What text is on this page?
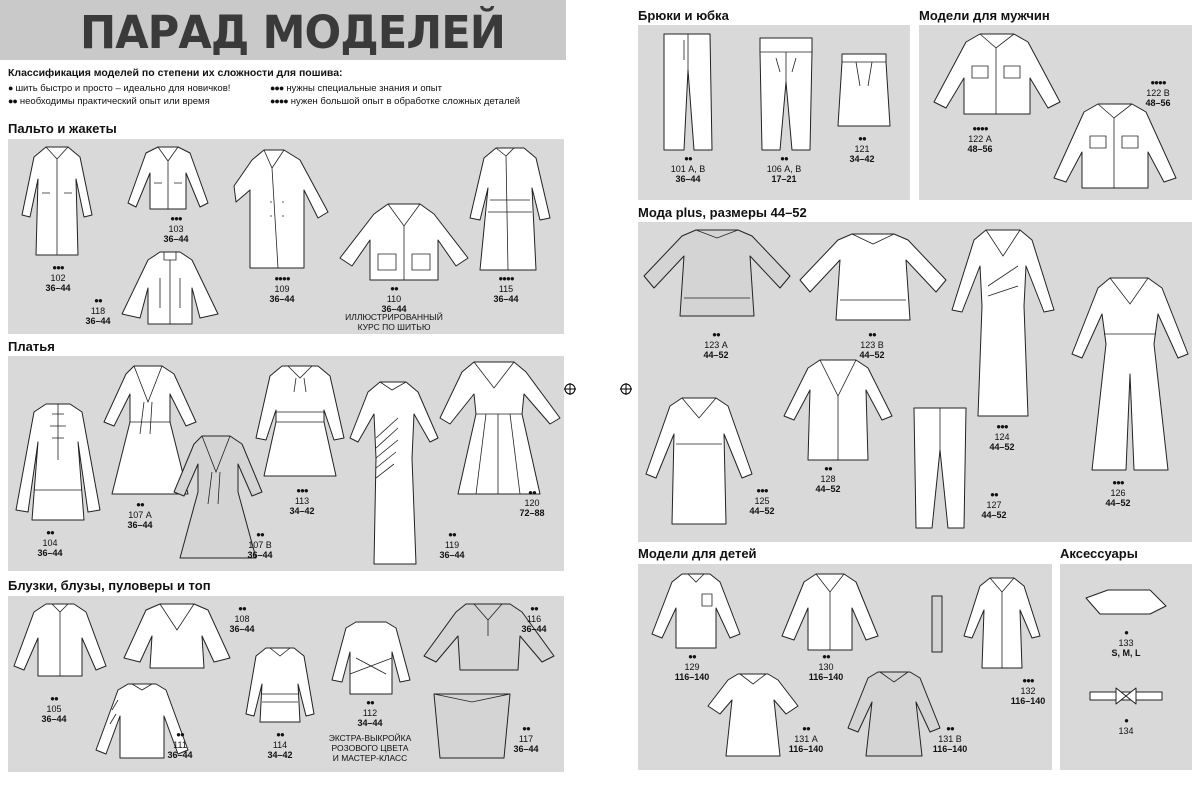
ПАРАД МОДЕЛЕЙ
Классификация моделей по степени их сложности для пошива:
● шить быстро и просто – идеально для новичков!
●● необходимы практический опыт или время
●●● нужны специальные знания и опыт
●●●● нужен большой опыт в обработке сложных деталей
Пальто и жакеты
●●●
102
36–44
●●●
103
36–44
●●
118
36–44
●●●●
109
36–44
●●
110
36–44
ИЛЛЮСТРИРОВАННЫЙ
КУРС ПО ШИТЬЮ
●●●●
115
36–44
Платья
●●
104
36–44
●●
107 А
36–44
●●
107 В
36–44
●●●
113
34–42
●●
119
36–44
●●
120
72–88
Блузки, блузы, пуловеры и топ
●●
105
36–44
●●
108
36–44
●●
111
36–44
●●
114
34–42
●●
112
34–44
ЭКСТРА-ВЫКРОЙКА
РОЗОВОГО ЦВЕТА
И МАСТЕР-КЛАСС
●●
116
36–44
●●
117
36–44
Брюки и юбка
●●
101 А, В
36–44
●●
106 А, В
17–21
●●
121
34–42
Модели для мужчин
●●●●
122 А
48–56
●●●●
122 В
48–56
Мода plus, размеры 44–52
●●
123 А
44–52
●●
123 В
44–52
●●●
124
44–52
●●●
125
44–52
●●
128
44–52
●●
127
44–52
●●●
126
44–52
Модели для детей
●●
129
116–140
●●
130
116–140	●●●
132
116–140
●●
131 А
116–140
●●
131 В
116–140
Аксессуары
●
133
S, M, L
●
134
